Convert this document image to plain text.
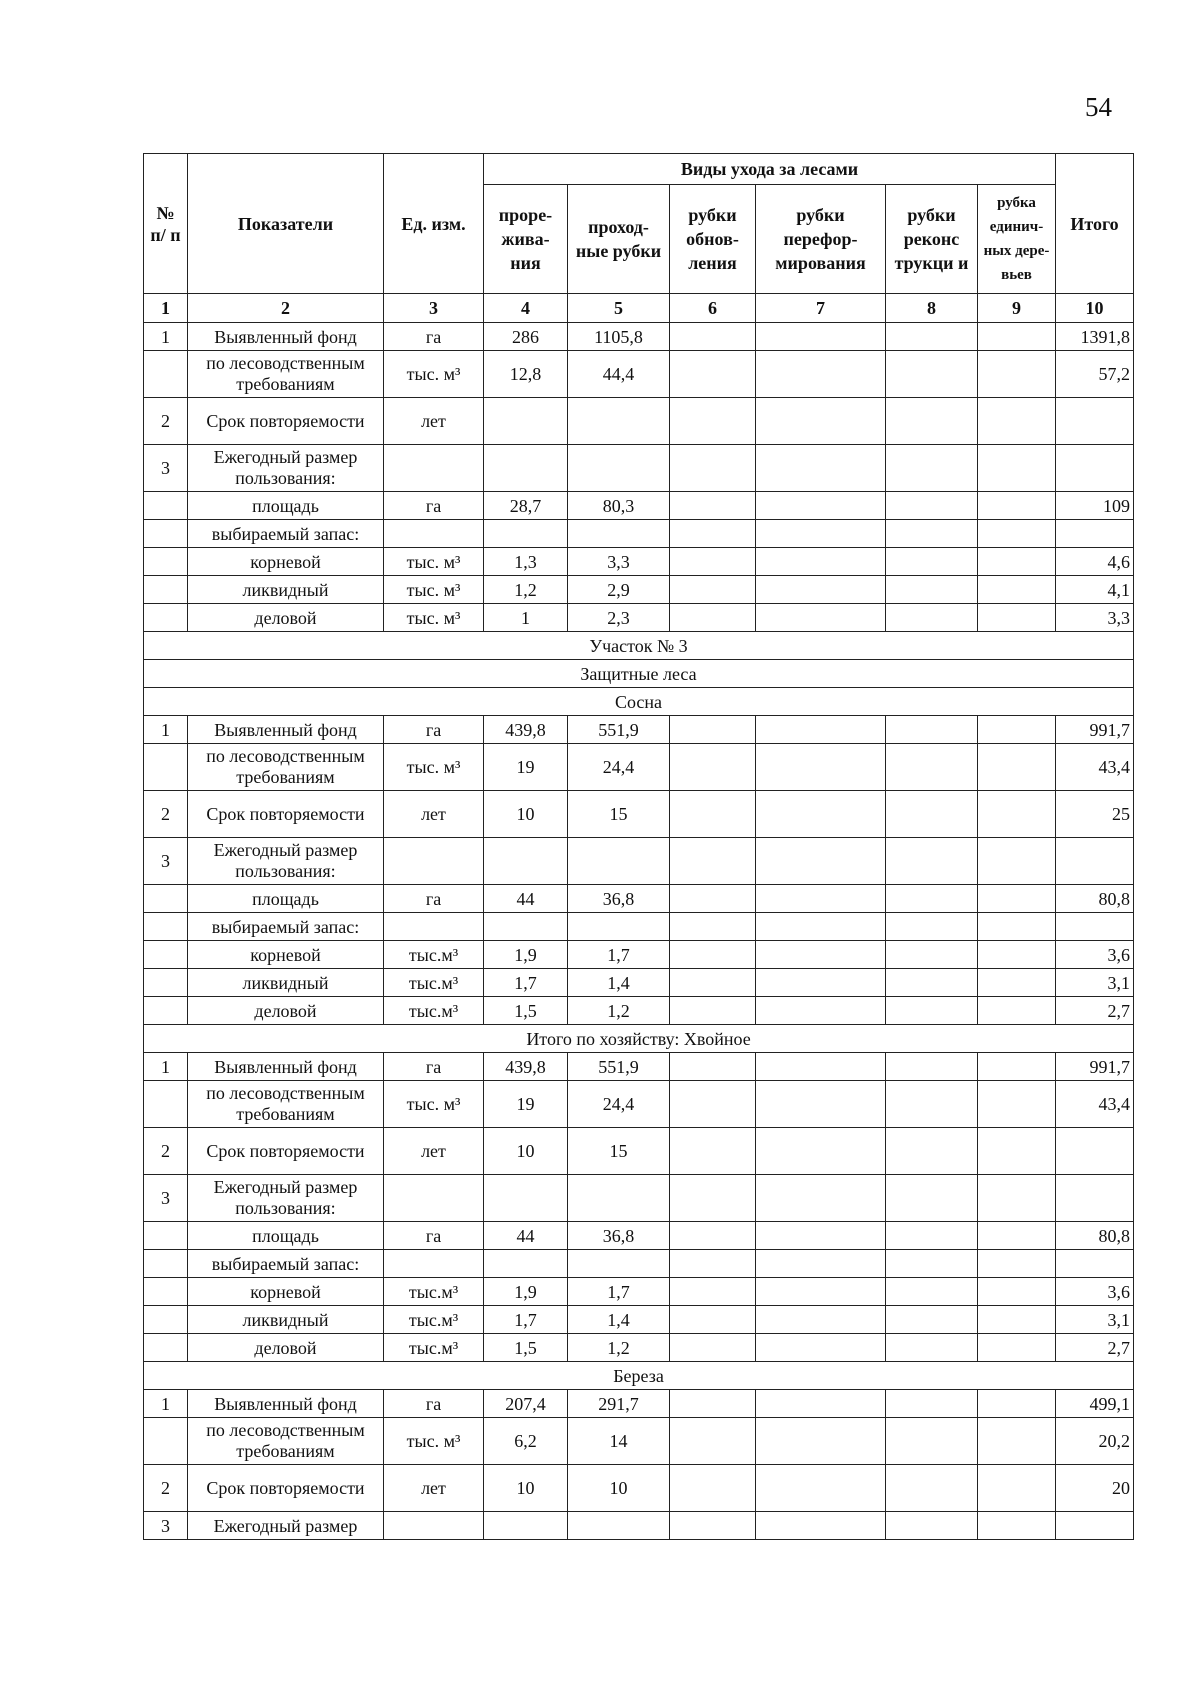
54
№ п/ п	Показатели	Ед. изм.	Виды ухода за лесами						Итого
			проре- жива- ния	проход- ные рубки	рубки обнов- ления	рубки перефор- мирования	рубки реконс трукци и	рубка единич- ных дере- вьев	
1	2	3	4	5	6	7	8	9	10
1	Выявленный фонд	га	286	1105,8					1391,8
	по лесоводственным требованиям	тыс. м³	12,8	44,4					57,2
2	Срок повторяемости	лет							
3	Ежегодный размер пользования:								
	площадь	га	28,7	80,3					109
	выбираемый запас:								
	корневой	тыс. м³	1,3	3,3					4,6
	ликвидный	тыс. м³	1,2	2,9					4,1
	деловой	тыс. м³	1	2,3					3,3
Участок № 3									
Защитные леса									
Сосна									
1	Выявленный фонд	га	439,8	551,9					991,7
	по лесоводственным требованиям	тыс. м³	19	24,4					43,4
2	Срок повторяемости	лет	10	15					25
3	Ежегодный размер пользования:								
	площадь	га	44	36,8					80,8
	выбираемый запас:								
	корневой	тыс.м³	1,9	1,7					3,6
	ликвидный	тыс.м³	1,7	1,4					3,1
	деловой	тыс.м³	1,5	1,2					2,7
Итого по хозяйству: Хвойное									
1	Выявленный фонд	га	439,8	551,9					991,7
	по лесоводственным требованиям	тыс. м³	19	24,4					43,4
2	Срок повторяемости	лет	10	15					
3	Ежегодный размер пользования:								
	площадь	га	44	36,8					80,8
	выбираемый запас:								
	корневой	тыс.м³	1,9	1,7					3,6
	ликвидный	тыс.м³	1,7	1,4					3,1
	деловой	тыс.м³	1,5	1,2					2,7
Береза									
1	Выявленный фонд	га	207,4	291,7					499,1
	по лесоводственным требованиям	тыс. м³	6,2	14					20,2
2	Срок повторяемости	лет	10	10					20
3	Ежегодный размер								
